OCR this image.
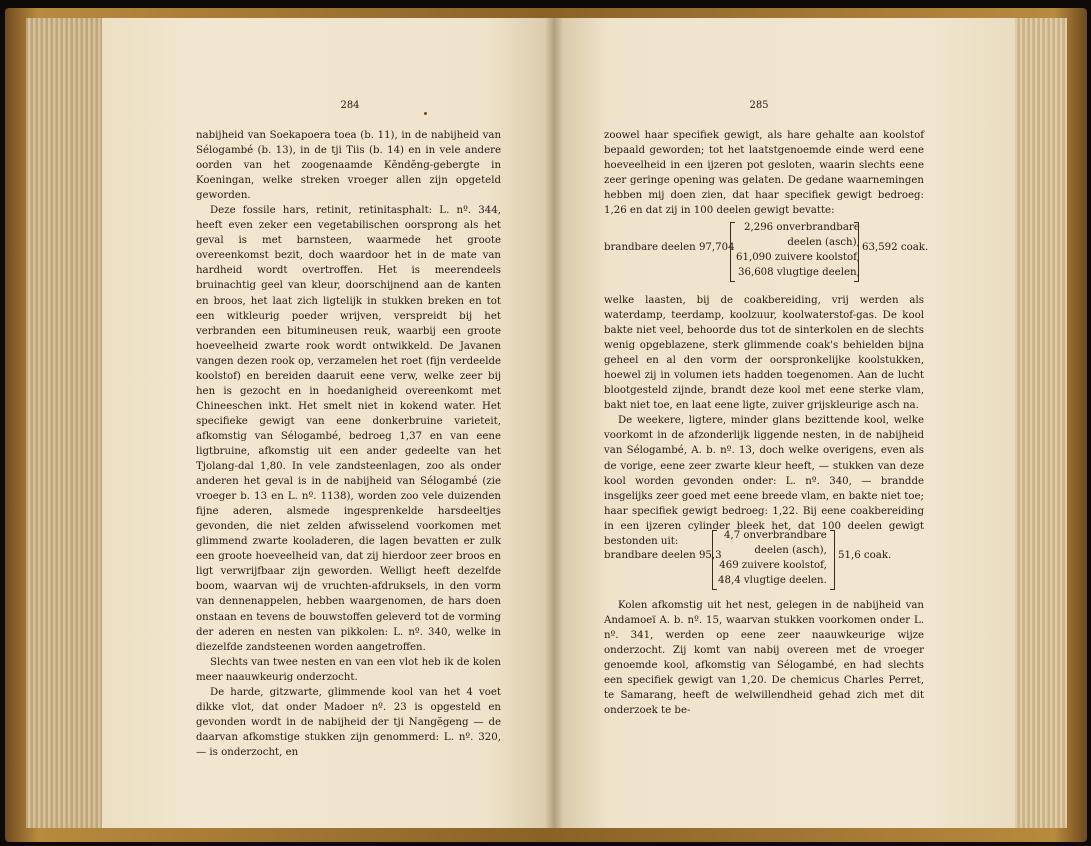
284

nabijheid van Soekapoera toea (b. 11), in de nabijheid van Sélogambé (b. 13), in de tji Tiis (b. 14) en in vele andere oorden van het zoogenaamde Kĕndĕng-gebergte in Koeningan, welke streken vroeger allen zijn opgeteld geworden.

Deze fossile hars, retinit, retinitasphalt: L. nº. 344, heeft even zeker een vegetabilischen oorsprong als het geval is met barnsteen, waarmede het groote overeenkomst bezit, doch waardoor het in de mate van hardheid wordt overtroffen. Het is meerendeels bruinachtig geel van kleur, doorschijnend aan de kanten en broos, het laat zich ligtelijk in stukken breken en tot een witkleurig poeder wrijven, verspreidt bij het verbranden een bitumineusen reuk, waarbij een groote hoeveelheid zwarte rook wordt ontwikkeld. De Javanen vangen dezen rook op, verzamelen het roet (fijn verdeelde koolstof) en bereiden daaruit eene verw, welke zeer bij hen is gezocht en in hoedanigheid overeenkomt met Chineeschen inkt. Het smelt niet in kokend water. Het specifieke gewigt van eene donkerbruine varieteit, afkomstig van Sélogambé, bedroeg 1,37 en van eene ligtbruine, afkomstig uit een ander gedeelte van het Tjolang-dal 1,80. In vele zandsteenlagen, zoo als onder anderen het geval is in de nabijheid van Sélogambé (zie vroeger b. 13 en L. nº. 1138), worden zoo vele duizenden fijne aderen, alsmede ingesprenkelde harsdeeltjes gevonden, die niet zelden afwisselend voorkomen met glimmend zwarte kooladeren, die lagen bevatten er zulk een groote hoeveelheid van, dat zij hierdoor zeer broos en ligt verwrijfbaar zijn geworden. Welligt heeft dezelfde boom, waarvan wij de vruchten-afdruksels, in den vorm van dennenappelen, hebben waargenomen, de hars doen onstaan en tevens de bouwstoffen geleverd tot de vorming der aderen en nesten van pikkolen: L. nº. 340, welke in diezelfde zandsteenen worden aangetroffen.

Slechts van twee nesten en van een vlot heb ik de kolen meer naauwkeurig onderzocht.

De harde, gitzwarte, glimmende kool van het 4 voet dikke vlot, dat onder Madoer nº. 23 is opgesteld en gevonden wordt in de nabijheid der tji Nangĕgeng — de daarvan afkomstige stukken zijn genommerd: L. nº. 320, — is onderzocht, en

285

zoowel haar specifiek gewigt, als hare gehalte aan koolstof bepaald geworden; tot het laatstgenoemde einde werd eene hoeveelheid in een ijzeren pot gesloten, waarin slechts eene zeer geringe opening was gelaten. De gedane waarnemingen hebben mij doen zien, dat haar specifiek gewigt bedroeg: 1,26 en dat zij in 100 deelen gewigt bevatte:

brandbare deelen 97,704
2,296 onverbrandbare
deelen (asch),
61,090 zuivere koolstof,
36,608 vlugtige deelen,
63,592 coak.

welke laasten, bij de coakbereiding, vrij werden als waterdamp, teerdamp, koolzuur, koolwaterstof-gas. De kool bakte niet veel, behoorde dus tot de sinterkolen en de slechts wenig opgeblazene, sterk glimmende coak's behielden bijna geheel en al den vorm der oorspronkelijke koolstukken, hoewel zij in volumen iets hadden toegenomen. Aan de lucht blootgesteld zijnde, brandt deze kool met eene sterke vlam, bakt niet toe, en laat eene ligte, zuiver grijskleurige asch na.

De weekere, ligtere, minder glans bezittende kool, welke voorkomt in de afzonderlijk liggende nesten, in de nabijheid van Sélogambé, A. b. nº. 13, doch welke overigens, even als de vorige, eene zeer zwarte kleur heeft, — stukken van deze kool worden gevonden onder: L. nº. 340, — brandde insgelijks zeer goed met eene breede vlam, en bakte niet toe; haar specifiek gewigt bedroeg: 1,22. Bij eene coakbereiding in een ijzeren cylinder bleek het, dat 100 deelen gewigt bestonden uit:

brandbare deelen 95,3
4,7 onverbrandbare
deelen (asch),
469 zuivere koolstof,
48,4 vlugtige deelen.
51,6 coak.

Kolen afkomstig uit het nest, gelegen in de nabijheid van Andamoeï A. b. nº. 15, waarvan stukken voorkomen onder L. nº. 341, werden op eene zeer naauwkeurige wijze onderzocht. Zij komt van nabij overeen met de vroeger genoemde kool, afkomstig van Sélogambé, en had slechts een specifiek gewigt van 1,20. De chemicus Charles Perret, te Samarang, heeft de welwillendheid gehad zich met dit onderzoek te be-
